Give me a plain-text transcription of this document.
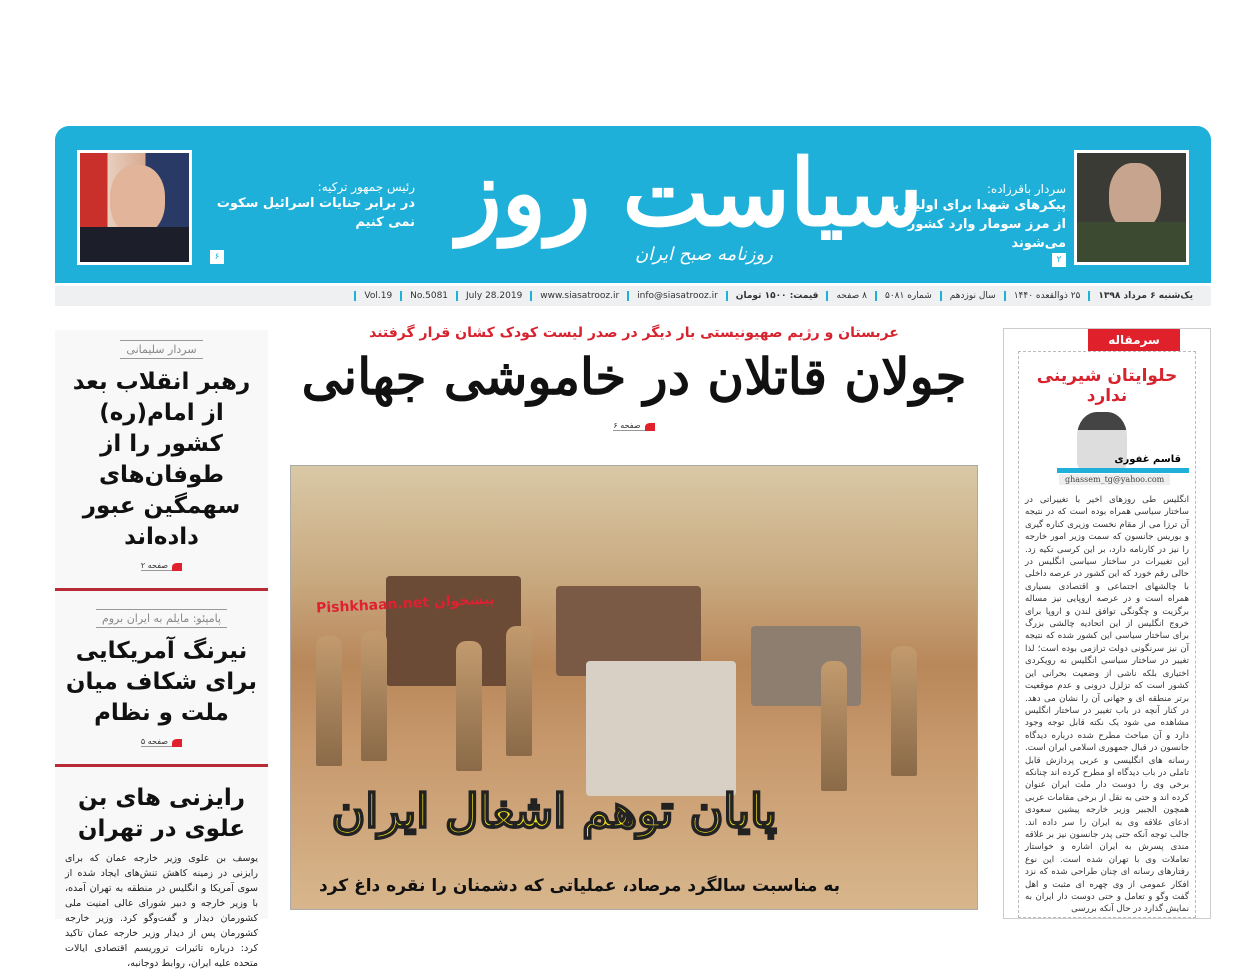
رئیس جمهور ترکیه:
در برابر جنایات اسرائیل سکوت نمی کنیم
۶
سیاست روز
روزنامه صبح ایران
سردار باقرزاده:
پیکرهای شهدا برای اولین بار از مرز سومار وارد کشور می‌شوند
۲
یک‌شنبه ۶ مرداد ۱۳۹۸
۲۵ ذوالقعده ۱۴۴۰
سال نوزدهم
شماره ۵۰۸۱
۸ صفحه
قیمت: ۱۵۰۰ تومان
info@siasatrooz.ir
www.siasatrooz.ir
July 28.2019
No.5081
Vol.19
سردار سلیمانی
رهبر انقلاب بعد از امام(ره) کشور را از طوفان‌های سهمگین عبور داده‌اند
صفحه ۲
پامپئو: مایلم به ایران بروم
نیرنگ آمریکایی برای شکاف میان ملت و نظام
صفحه ۵
رایزنی های بن علوی در تهران
یوسف بن علوی وزیر خارجه عمان که برای رایزنی در زمینه کاهش تنش‌های ایجاد شده از سوی آمریکا و انگلیس در منطقه به تهران آمده، با وزیر خارجه و دبیر شورای عالی امنیت ملی کشورمان دیدار و گفت‌وگو کرد. وزیر خارجه کشورمان پس از دیدار وزیر خارجه عمان تاکید کرد: درباره تاثیرات تروریسم اقتصادی ایالات متحده علیه ایران، روابط دوجانبه،
عربستان و رژیم صهیونیستی بار دیگر در صدر لیست کودک کشان قرار گرفتند
جولان قاتلان در خاموشی جهانی
صفحه ۶
پیشخوان Pishkhaan.net
پایان توهم اشغال ایران
به مناسبت سالگرد مرصاد، عملیاتی که دشمنان را نقره داغ کرد
سرمقاله
حلوایتان شیرینی ندارد
قاسم غفوری
ghassem_tg@yahoo.com
انگلیس طی روزهای اخیر با تغییراتی در ساختار سیاسی همراه بوده است که در نتیجه آن ترزا می از مقام نخست وزیری کناره گیری و بوریس جانسون که سمت وزیر امور خارجه را نیز در کارنامه دارد، بر این کرسی تکیه زد. این تغییرات در ساختار سیاسی انگلیس در حالی رقم خورد که این کشور در عرصه داخلی با چالشهای اجتماعی و اقتصادی بسیاری همراه است و در عرصه اروپایی نیز مساله برگزیت و چگونگی توافق لندن و اروپا برای خروج انگلیس از این اتحادیه چالشی بزرگ برای ساختار سیاسی این کشور شده که نتیجه آن نیز سرنگونی دولت ترازمی بوده است؛ لذا تغییر در ساختار سیاسی انگلیس نه رویکردی اختیاری بلکه ناشی از وضعیت بحرانی این کشور است که تزلزل درونی و عدم موقعیت برتر منطقه ای و جهانی آن را نشان می دهد. در کنار آنچه در باب تغییر در ساختار انگلیس مشاهده می شود یک نکته قابل توجه وجود دارد و آن مباحث مطرح شده درباره دیدگاه جانسون در قبال جمهوری اسلامی ایران است. رسانه های انگلیسی و عربی پردازش قابل تاملی در باب دیدگاه او مطرح کرده اند چنانکه برخی وی را دوست دار ملت ایران عنوان کرده اند و حتی به نقل از برخی مقامات عربی همچون الجبیر وزیر خارجه پیشین سعودی ادعای علاقه وی به ایران را سر داده اند. جالب توجه آنکه حتی پدر جانسون نیز بر علاقه مندی پسرش به ایران اشاره و خواستار تعاملات وی با تهران شده است. این نوع رفتارهای رسانه ای چنان طراحی شده که نزد افکار عمومی از وی چهره ای مثبت و اهل گفت وگو و تعامل و حتی دوست دار ایران به نمایش گذارد در حال آنکه بررسی
